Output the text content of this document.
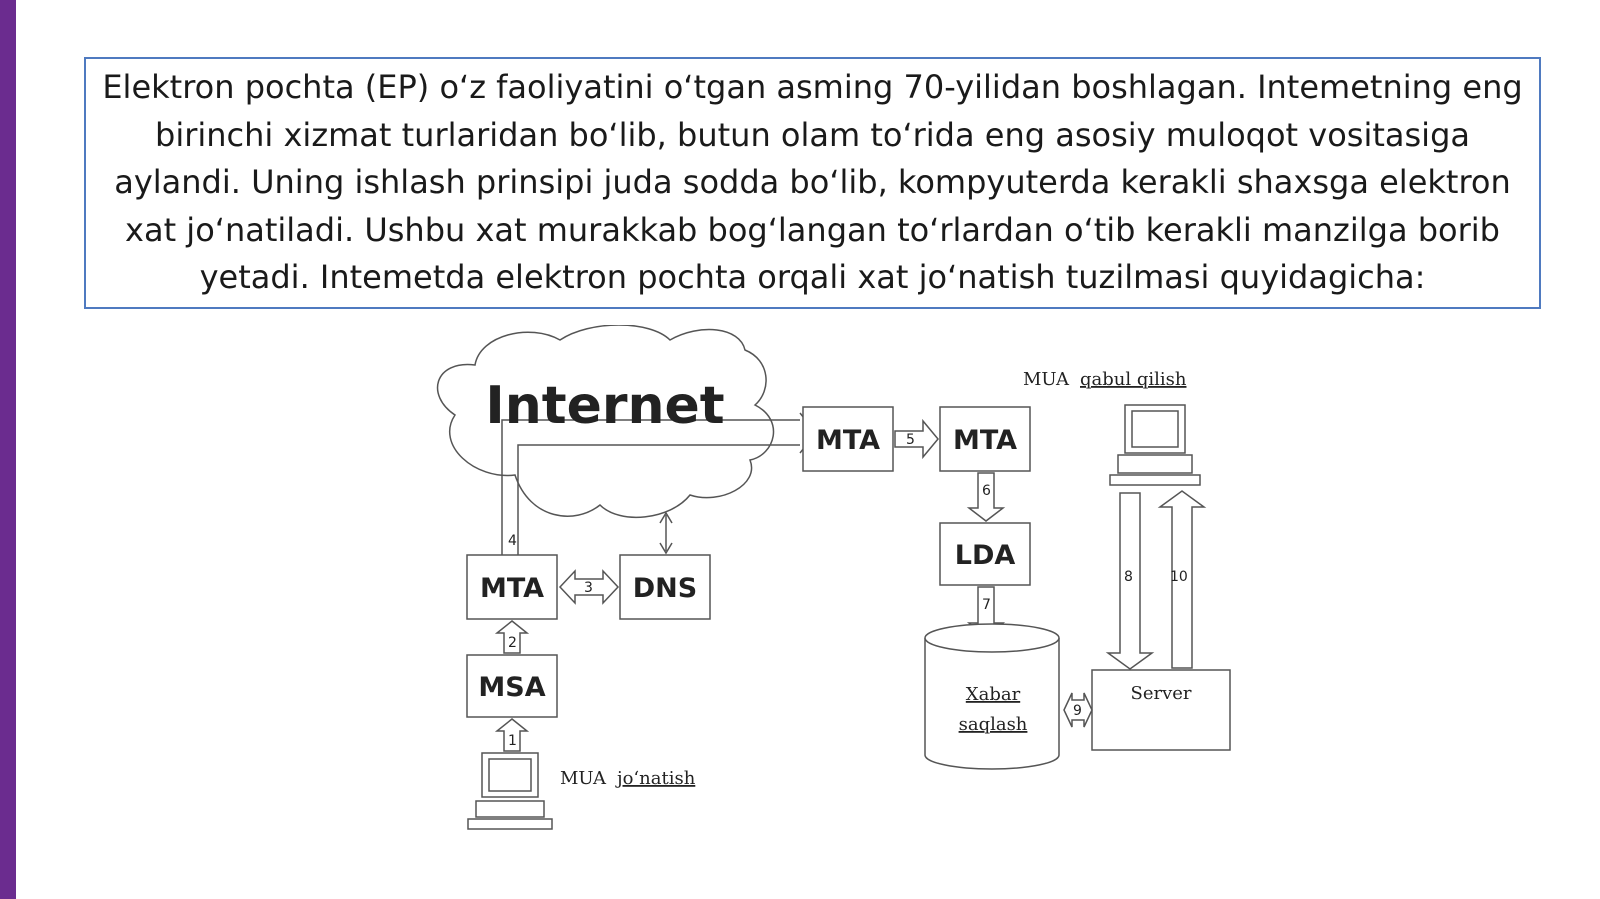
Elektron pochta (EP) o‘z faoliyatini o‘tgan asming 70-yilidan boshlagan. Intemetning eng birinchi xizmat turlaridan bo‘lib, butun olam to‘rida eng asosiy muloqot vositasiga aylandi. Uning ishlash prinsipi juda sodda bo‘lib, kompyuterda kerakli shaxsga elektron xat jo‘natiladi. Ushbu xat murakkab bog‘langan to‘rlardan o‘tib kerakli manzilga borib yetadi. Intemetda elektron pochta orqali xat jo‘natish tuzilmasi quyidagicha:

Internet
MTA	DNS
MSA
MTA	MTA
LDA
Xabar
saqlash
Server
MUA jo‘natish
MUA qabul qilish
1
2
3
4
5
6
7
8
9
10
